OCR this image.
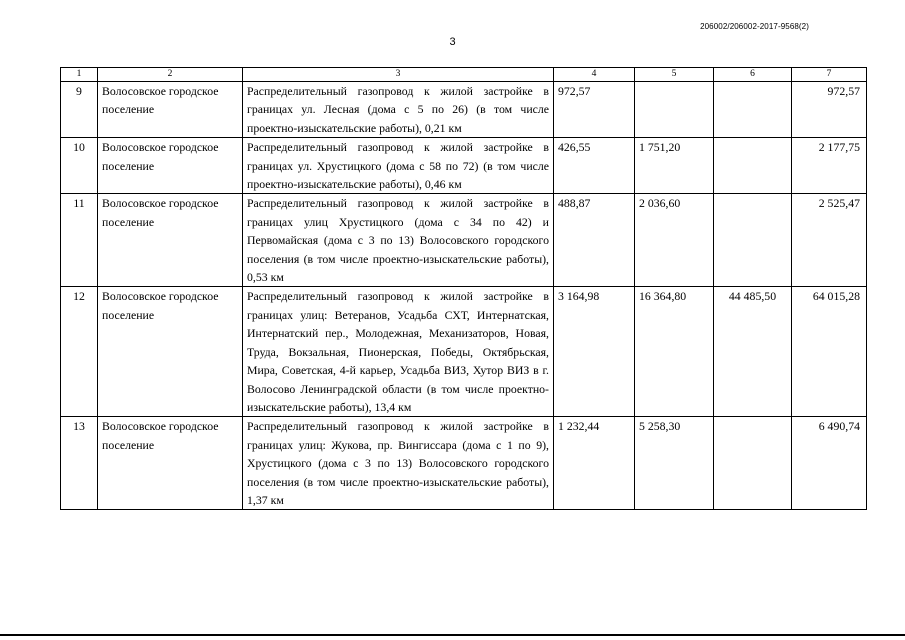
206002/206002-2017-9568(2)
3
1	2	3	4	5	6	7
9	Волосовское городское поселение	Распределительный газопровод к жилой застройке в границах ул. Лесная (дома с 5 по 26) (в том числе проектно-изыскательские работы), 0,21 км	972,57			972,57
10	Волосовское городское поселение	Распределительный газопровод к жилой застройке в границах ул. Хрустицкого (дома с 58 по 72) (в том числе проектно-изыскательские работы), 0,46 км	426,55	1 751,20		2 177,75
11	Волосовское городское поселение	Распределительный газопровод к жилой застройке в границах улиц Хрустицкого (дома с 34 по 42) и Первомайская (дома с 3 по 13) Волосовского городского поселения (в том числе проектно-изыскательские работы), 0,53 км	488,87	2 036,60		2 525,47
12	Волосовское городское поселение	Распределительный газопровод к жилой застройке в границах улиц: Ветеранов, Усадьба СХТ, Интернатская, Интернатский пер., Молодежная, Механизаторов, Новая, Труда, Вокзальная, Пионерская, Победы, Октябрьская, Мира, Советская, 4-й карьер, Усадьба ВИЗ, Хутор ВИЗ в г. Волосово Ленинградской области (в том числе проектно-изыскательские работы), 13,4 км	3 164,98	16 364,80	44 485,50	64 015,28
13	Волосовское городское поселение	Распределительный газопровод к жилой застройке в границах улиц: Жукова, пр. Вингиссара (дома с 1 по 9), Хрустицкого (дома с 3 по 13) Волосовского городского поселения (в том числе проектно-изыскательские работы), 1,37 км	1 232,44	5 258,30		6 490,74
